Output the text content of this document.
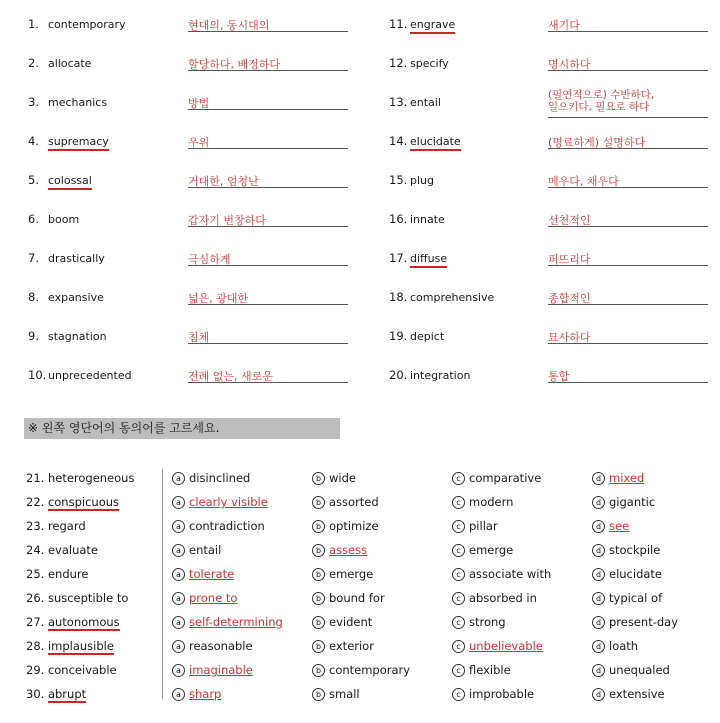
1. contemporary	현대의, 동시대의
2. allocate	할당하다, 배정하다
3. mechanics	방법
4. supremacy	우위
5. colossal	거대한, 엄청난
6. boom	갑자기 번창하다
7. drastically	극심하게
8. expansive	넓은, 광대한
9. stagnation	침체
10. unprecedented	전례 없는, 새로운
11. engrave	새기다
12. specify	명시하다
13. entail
(필연적으로) 수반하다,
일으키다, 필요로 하다
14. elucidate	(명료하게) 설명하다
15. plug	메우다, 채우다
16. innate	선천적인
17. diffuse	퍼뜨리다
18. comprehensive	종합적인
19. depict	묘사하다
20. integration	통합
※ 왼쪽 영단어의 동의어를 고르세요.
21. heterogeneous	a disinclined	b wide	c comparative	d mixed
22. conspicuous	a clearly visible	b assorted	c modern	d gigantic
23. regard	a contradiction	b optimize	c pillar	d see
24. evaluate	a entail	b assess	c emerge	d stockpile
25. endure	a tolerate	b emerge	c associate with	d elucidate
26. susceptible to	a prone to	b bound for	c absorbed in	d typical of
27. autonomous	a self-determining	b evident	c strong	d present-day
28. implausible	a reasonable	b exterior	c unbelievable	d loath
29. conceivable	a imaginable	b contemporary	c flexible	d unequaled
30. abrupt	a sharp	b small	c improbable	d extensive
